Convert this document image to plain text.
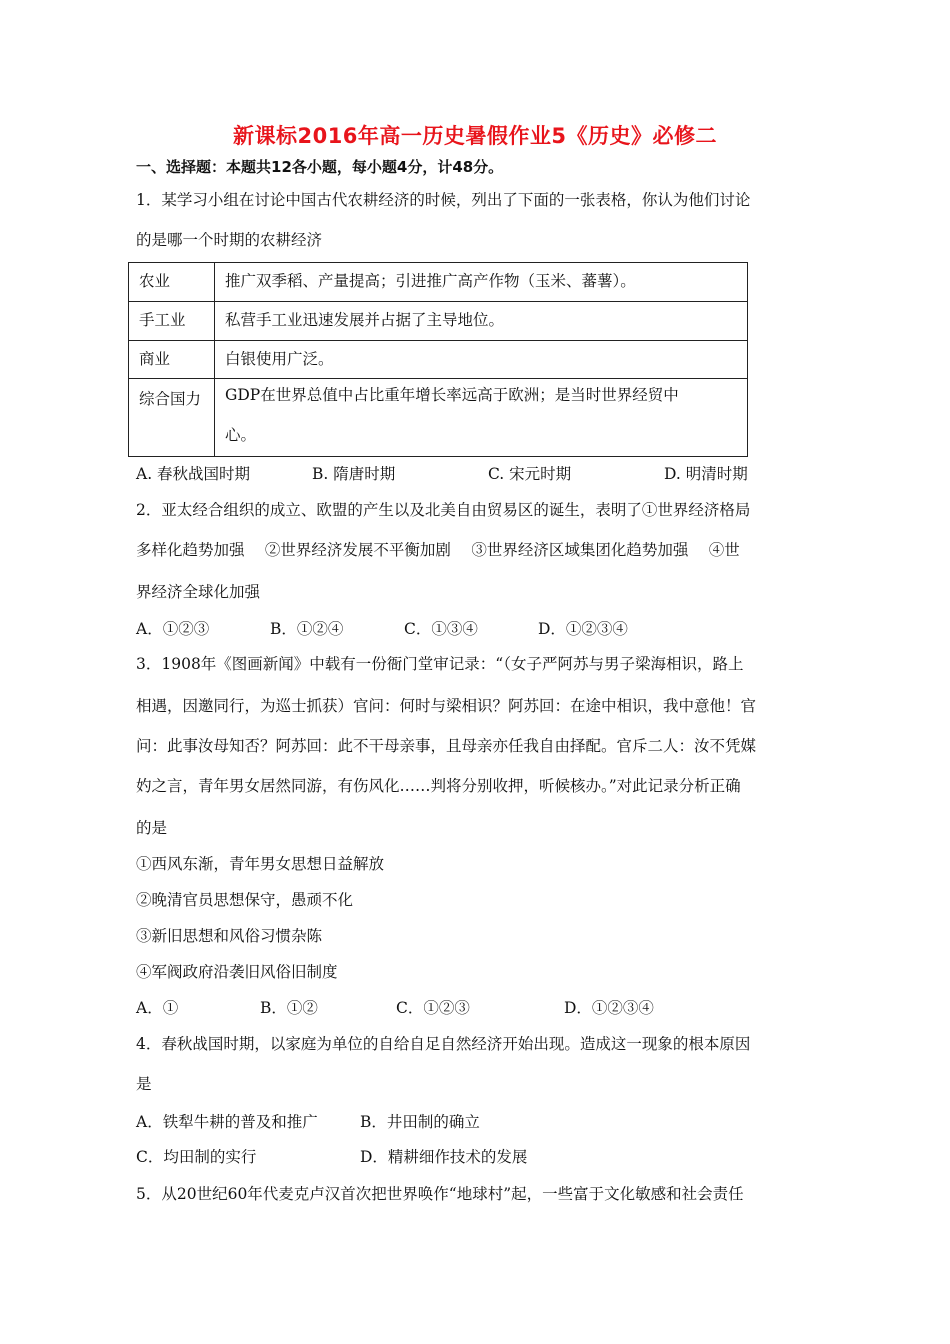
新课标2016年高一历史暑假作业5《历史》必修二
一、选择题：本题共12各小题，每小题4分，计48分。
1．某学习小组在讨论中国古代农耕经济的时候，列出了下面的一张表格，你认为他们讨论
的是哪一个时期的农耕经济
农业	推广双季稻、产量提高；引进推广高产作物（玉米、蕃薯）。
手工业	私营手工业迅速发展并占据了主导地位。
商业	白银使用广泛。
综合国力	GDP在世界总值中占比重年增长率远高于欧洲；是当时世界经贸中
心。
A. 春秋战国时期	B. 隋唐时期	C. 宋元时期	D. 明清时期
2．亚太经合组织的成立、欧盟的产生以及北美自由贸易区的诞生，表明了①世界经济格局
多样化趋势加强　 ②世界经济发展不平衡加剧　 ③世界经济区域集团化趋势加强　 ④世
界经济全球化加强
A．①②③	B．①②④	C．①③④	D．①②③④
3．1908年《图画新闻》中载有一份衙门堂审记录：“（女子严阿苏与男子梁海相识，路上
相遇，因邀同行，为巡士抓获）官问：何时与梁相识？阿苏回：在途中相识，我中意他！官
问：此事汝母知否？阿苏回：此不干母亲事，且母亲亦任我自由择配。官斥二人：汝不凭媒
妁之言，青年男女居然同游，有伤风化……判将分别收押，听候核办。”对此记录分析正确
的是
①西风东渐，青年男女思想日益解放
②晚清官员思想保守，愚顽不化
③新旧思想和风俗习惯杂陈
④军阀政府沿袭旧风俗旧制度
A．①	B．①②	C．①②③	D．①②③④
4．春秋战国时期，以家庭为单位的自给自足自然经济开始出现。造成这一现象的根本原因
是
A．铁犁牛耕的普及和推广	B．井田制的确立
C．均田制的实行	D．精耕细作技术的发展
5．从20世纪60年代麦克卢汉首次把世界唤作“地球村”起，一些富于文化敏感和社会责任
